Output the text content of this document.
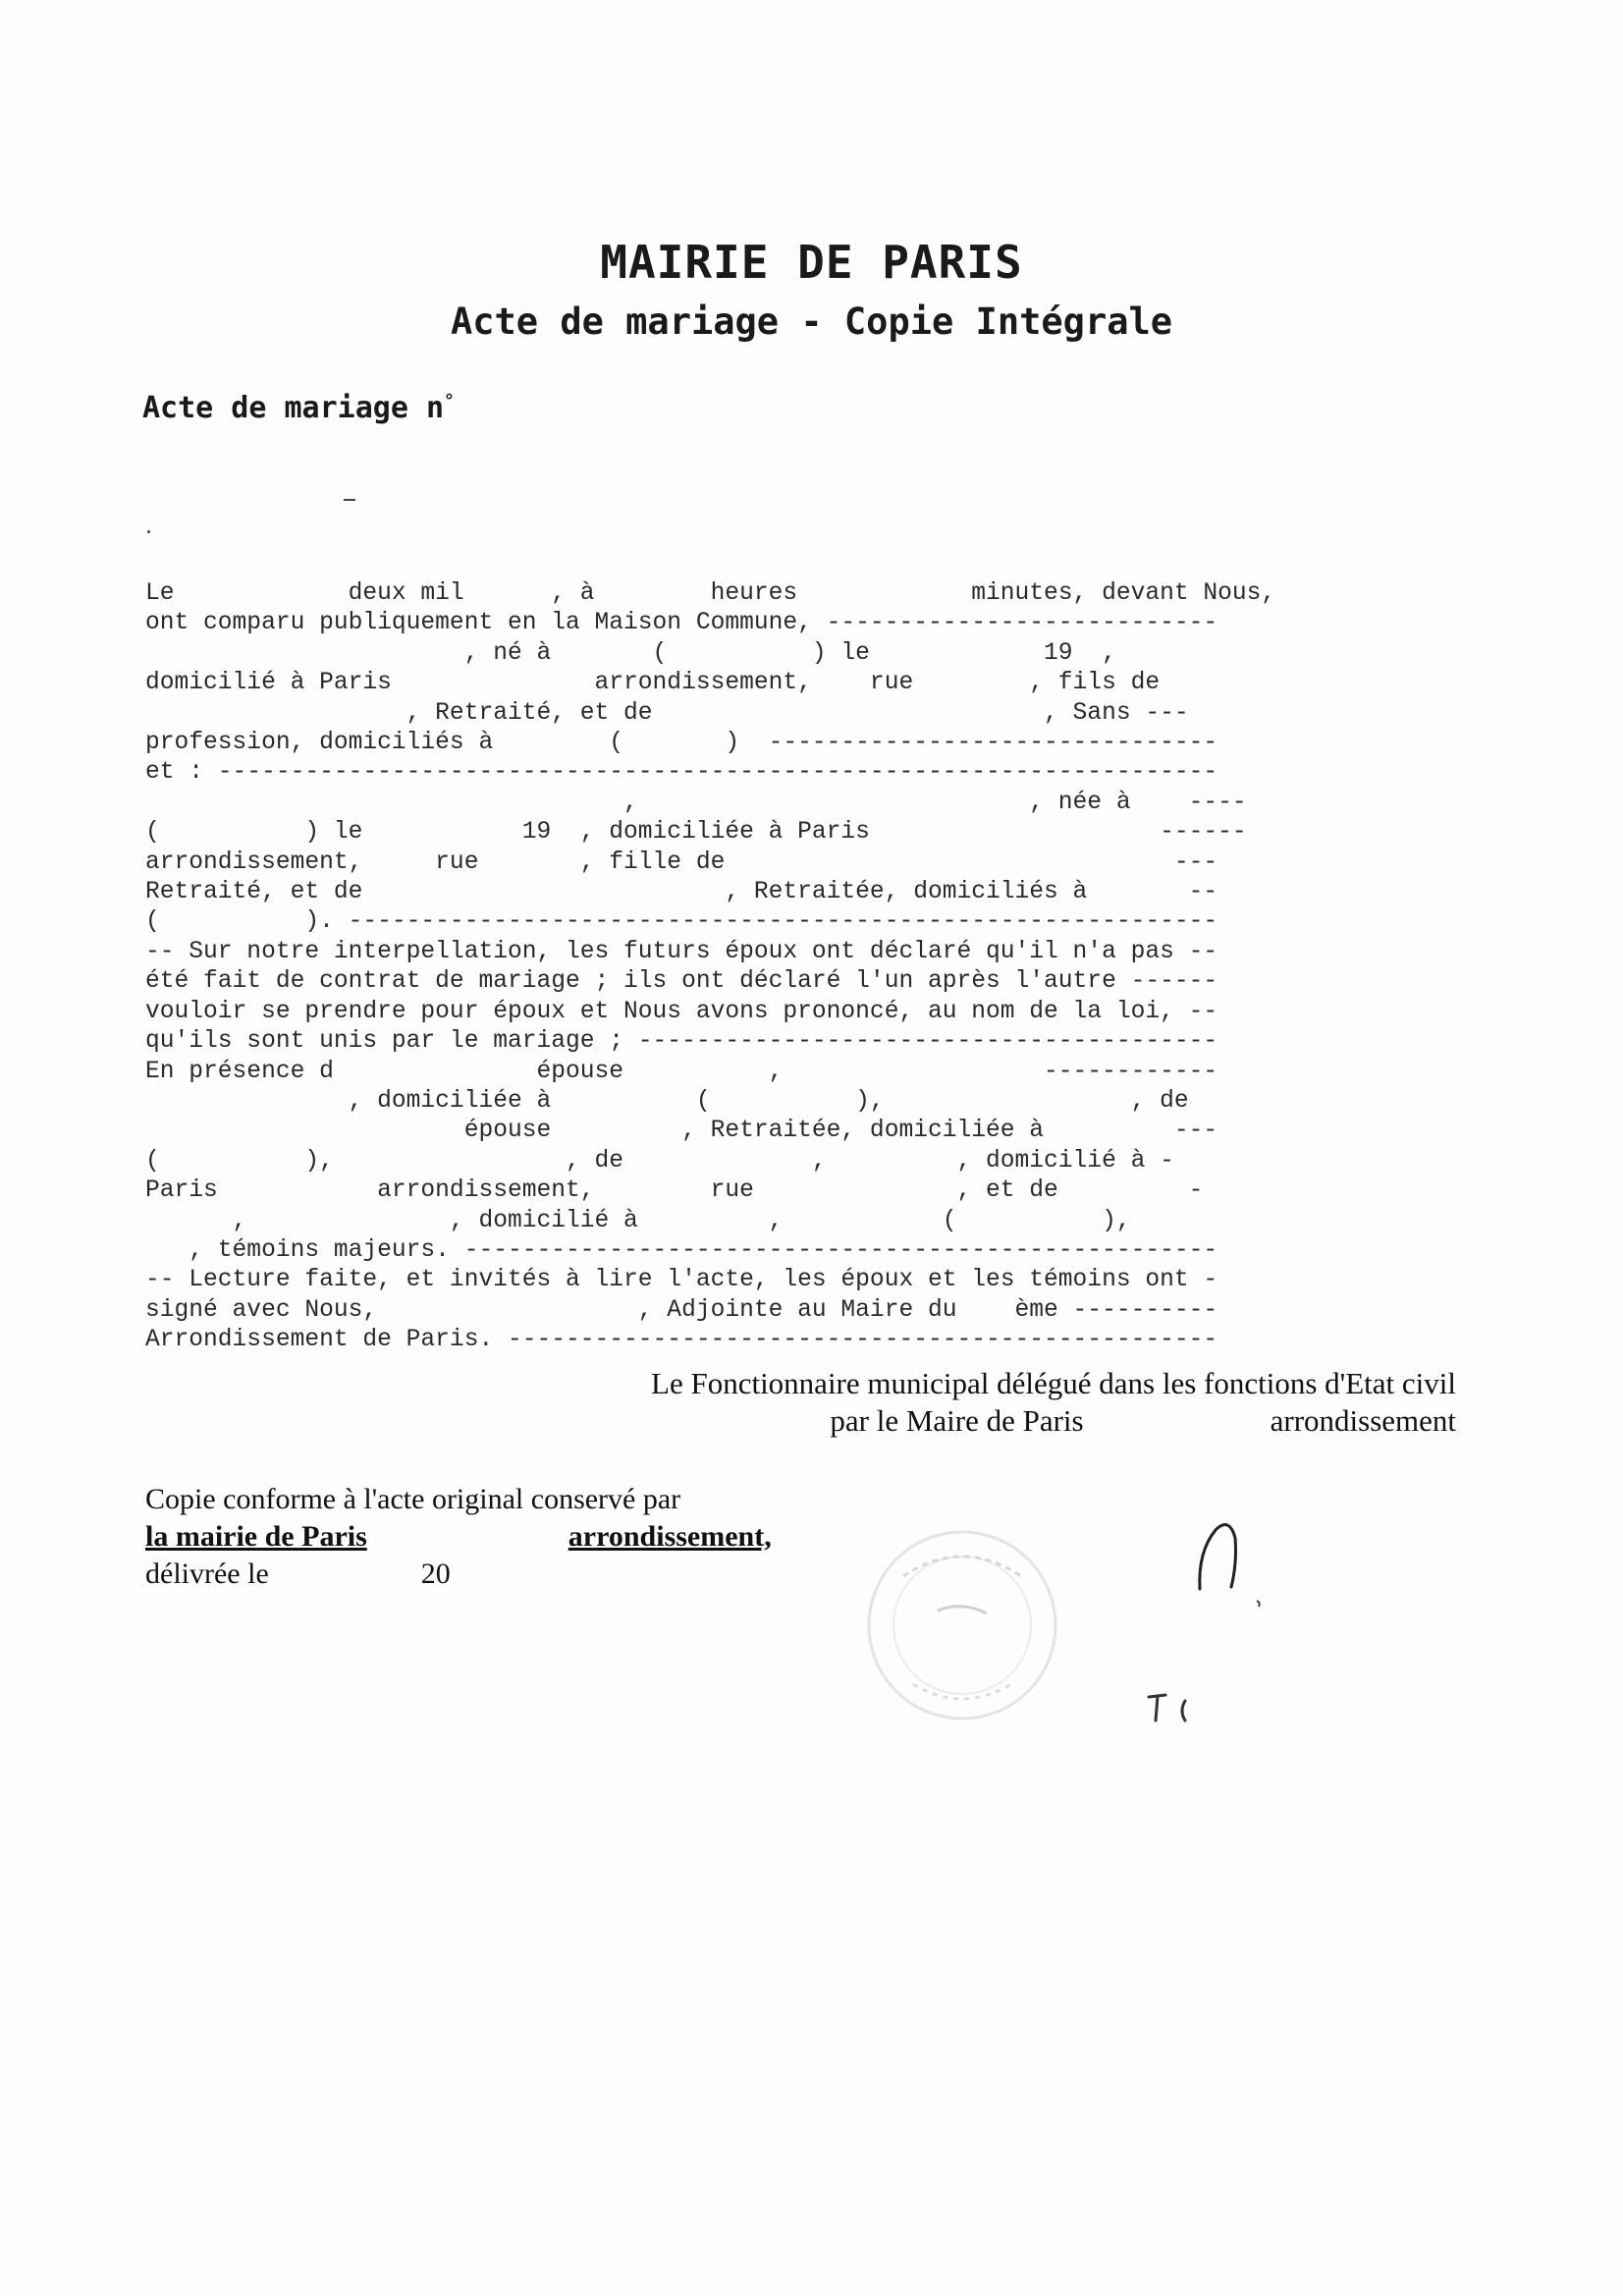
MAIRIE DE PARIS
Acte de mariage - Copie Intégrale
Acte de mariage n°
Le            deux mil      , à        heures            minutes, devant Nous,
ont comparu publiquement en la Maison Commune, ---------------------------
, né à       (          ) le            19  ,
domicilié à Paris              arrondissement,    rue        , fils de
, Retraité, et de                           , Sans ---
profession, domiciliés à        (       )  -------------------------------
et : ---------------------------------------------------------------------
,                           , née à    ----
(          ) le           19  , domiciliée à Paris                    ------
arrondissement,     rue       , fille de                               ---
Retraité, et de                         , Retraitée, domiciliés à       --
(          ). ------------------------------------------------------------
-- Sur notre interpellation, les futurs époux ont déclaré qu'il n'a pas --
été fait de contrat de mariage ; ils ont déclaré l'un après l'autre ------
vouloir se prendre pour époux et Nous avons prononcé, au nom de la loi, --
qu'ils sont unis par le mariage ; ----------------------------------------
En présence d              épouse          ,                  ------------
, domiciliée à          (          ),                 , de
épouse         , Retraitée, domiciliée à         ---
(          ),                , de             ,         , domicilié à -
Paris           arrondissement,        rue              , et de         -
,              , domicilié à         ,           (          ),
, témoins majeurs. ----------------------------------------------------
-- Lecture faite, et invités à lire l'acte, les époux et les témoins ont -
signé avec Nous,                  , Adjointe au Maire du    ème ----------
Arrondissement de Paris. -------------------------------------------------
Le Fonctionnaire municipal délégué dans les fonctions d'Etat civil
par le Maire de Paris	arrondissement
Copie conforme à l'acte original conservé par
la mairie de Paris	arrondissement,
délivrée le	20
